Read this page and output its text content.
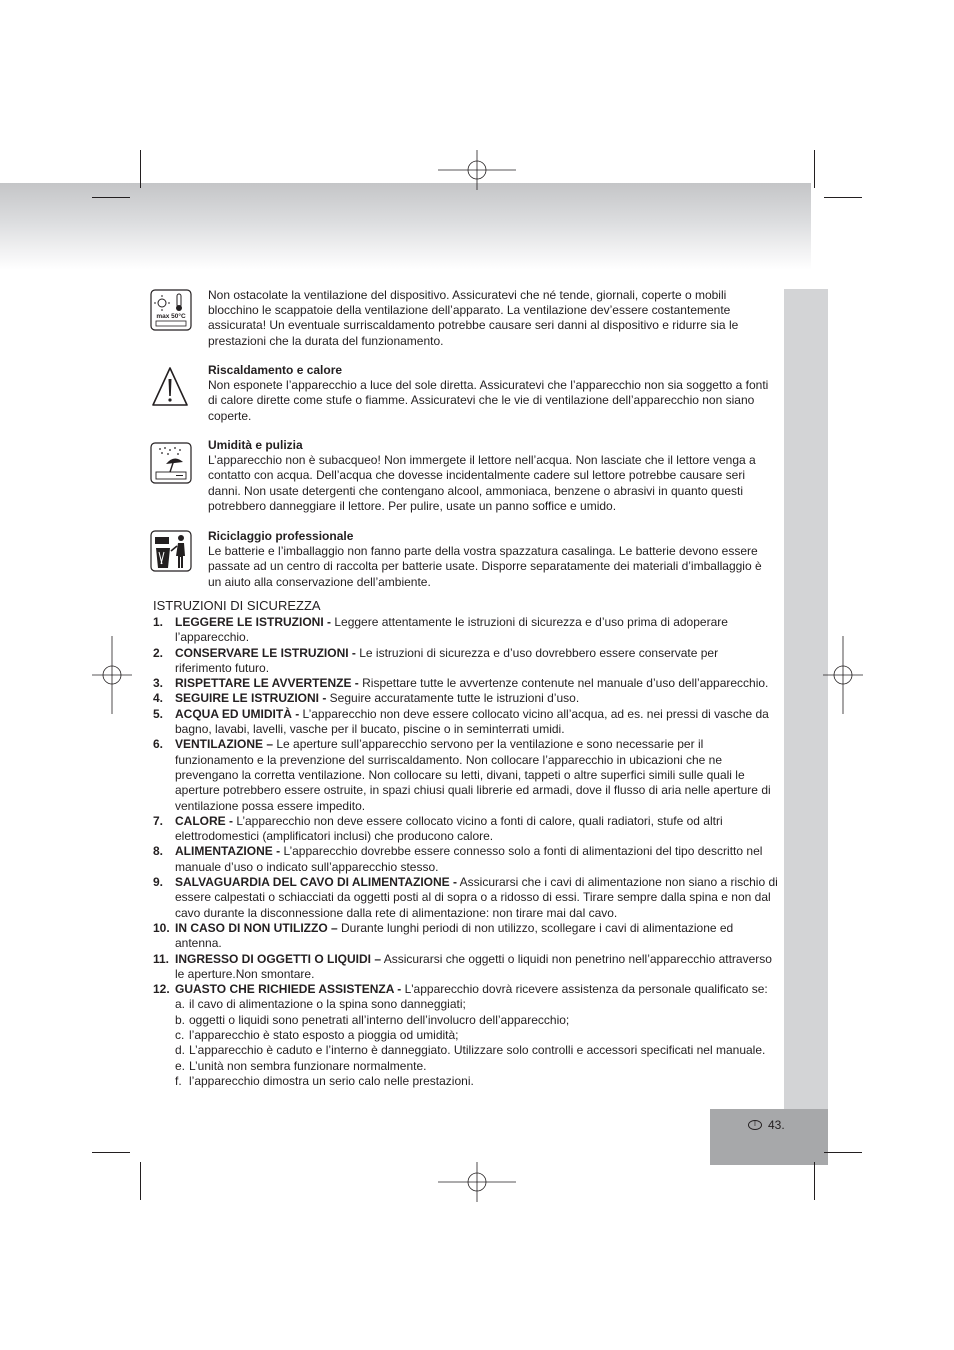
I	43.
max 50°C
Non ostacolate la ventilazione del dispositivo. Assicuratevi che né tende, giornali, coperte o mobili blocchino le scappatoie della ventilazione dell’apparato. La ventilazione dev’essere costantemente assicurata! Un eventuale surriscaldamento potrebbe causare seri danni al dispositivo e ridurre sia le prestazioni che la durata del funzionamento.
Riscaldamento e calore
Non esponete l’apparecchio a luce del sole diretta. Assicuratevi che l’apparecchio non sia soggetto a fonti di calore dirette come stufe o fiamme. Assicuratevi che le vie di ventilazione dell’apparecchio non siano coperte.
Umidità e pulizia
L’apparecchio non è subacqueo! Non immergete il lettore nell’acqua. Non lasciate che il lettore venga a contatto con acqua. Dell’acqua che dovesse incidentalmente cadere sul lettore potrebbe causare seri danni. Non usate detergenti che contengano alcool, ammoniaca, benzene o abrasivi in quanto questi potrebbero danneggiare il lettore. Per pulire, usate un panno soffice e umido.
Riciclaggio professionale
Le batterie e l’imballaggio non fanno parte della vostra spazzatura casalinga. Le batterie devono essere passate ad un centro di raccolta per batterie usate. Disporre separatamente dei materiali d’imballaggio è un aiuto alla conservazione dell’ambiente.
ISTRUZIONI DI SICUREZZA
1. LEGGERE LE ISTRUZIONI - Leggere attentamente le istruzioni di sicurezza e d’uso prima di adoperare l’apparecchio.
2. CONSERVARE LE ISTRUZIONI - Le istruzioni di sicurezza e d’uso dovrebbero essere conservate per riferimento futuro.
3. RISPETTARE LE AVVERTENZE - Rispettare tutte le avvertenze contenute nel manuale d’uso dell’apparecchio.
4. SEGUIRE LE ISTRUZIONI - Seguire accuratamente tutte le istruzioni d’uso.
5. ACQUA ED UMIDITÀ - L’apparecchio non deve essere collocato vicino all’acqua, ad es. nei pressi di vasche da bagno, lavabi, lavelli, vasche per il bucato, piscine o in seminterrati umidi.
6. VENTILAZIONE – Le aperture sull’apparecchio servono per la ventilazione e sono necessarie per il funzionamento e la prevenzione del surriscaldamento. Non collocare l’apparecchio in ubicazioni che ne prevengano la corretta ventilazione. Non collocare su letti, divani, tappeti o altre superfici simili sulle quali le aperture potrebbero essere ostruite, in spazi chiusi quali librerie ed armadi, dove il flusso di aria nelle aperture di ventilazione possa essere impedito.
7. CALORE - L’apparecchio non deve essere collocato vicino a fonti di calore, quali radiatori, stufe od altri elettrodomestici (amplificatori inclusi) che producono calore.
8. ALIMENTAZIONE - L’apparecchio dovrebbe essere connesso solo a fonti di alimentazioni del tipo descritto nel manuale d’uso o indicato sull’apparecchio stesso.
9. SALVAGUARDIA DEL CAVO DI ALIMENTAZIONE - Assicurarsi che i cavi di alimentazione non siano a rischio di essere calpestati o schiacciati da oggetti posti al di sopra o a ridosso di essi. Tirare sempre dalla spina e non dal cavo durante la disconnessione dalla rete di alimentazione: non tirare mai dal cavo.
10. IN CASO DI NON UTILIZZO – Durante lunghi periodi di non utilizzo, scollegare i cavi di alimentazione ed antenna.
11. INGRESSO DI OGGETTI O LIQUIDI – Assicurarsi che oggetti o liquidi non penetrino nell’apparecchio attraverso le aperture.Non smontare.
12. GUASTO CHE RICHIEDE ASSISTENZA - L'apparecchio dovrà ricevere assistenza da personale qualificato se:
a. il cavo di alimentazione o la spina sono danneggiati;
b. oggetti o liquidi sono penetrati all’interno dell’involucro dell’apparecchio;
c. l’apparecchio è stato esposto a pioggia od umidità;
d. L’apparecchio è caduto e l’interno è danneggiato. Utilizzare solo controlli e accessori specificati nel manuale.
e. L’unità non sembra funzionare normalmente.
f. l’apparecchio dimostra un serio calo nelle prestazioni.
